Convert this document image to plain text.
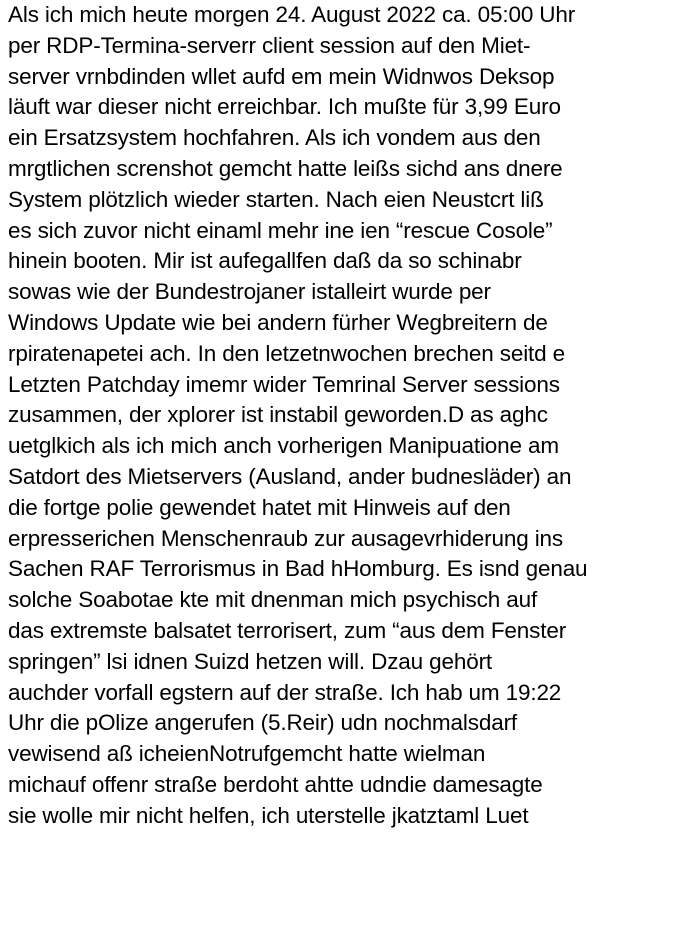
Als ich mich heute morgen 24. August 2022 ca. 05:00 Uhr
per RDP-Termina-serverr client session auf den Miet-
server vrnbdinden wllet aufd em mein Widnwos Deksop
läuft war dieser nicht erreichbar. Ich mußte für 3,99 Euro
ein Ersatzsystem hochfahren. Als ich vondem aus den
mrgtlichen screnshot gemcht hatte leißs sichd ans dnere
System plötzlich wieder starten. Nach eien Neustcrt liß
es sich zuvor nicht einaml mehr ine ien “rescue Cosole”
hinein booten. Mir ist aufegallfen daß da so schinabr
sowas wie der Bundestrojaner istalleirt wurde per
Windows Update wie bei andern fürher Wegbreitern de
rpiratenapetei ach. In den letzetnwochen brechen seitd e
Letzten Patchday imemr wider Temrinal Server sessions
zusammen, der xplorer ist instabil geworden.D as aghc
uetglkich als ich mich anch vorherigen Manipuatione am
Satdort des Mietservers (Ausland, ander budnesläder) an
die fortge polie gewendet hatet mit Hinweis auf den
erpresserichen Menschenraub zur ausagevrhiderung ins
Sachen RAF Terrorismus in Bad hHomburg. Es isnd genau
solche Soabotae kte mit dnenman mich psychisch auf
das extremste balsatet terrorisert, zum “aus dem Fenster
springen” lsi idnen Suizd hetzen will. Dzau gehört
auchder vorfall egstern auf der straße. Ich hab um 19:22
Uhr die pOlize angerufen (5.Reir) udn nochmalsdarf
vewisend aß icheienNotrufgemcht hatte wielman
michauf offenr straße berdoht ahtte udndie damesagte
sie wolle mir nicht helfen, ich uterstelle jkatztaml Luet
